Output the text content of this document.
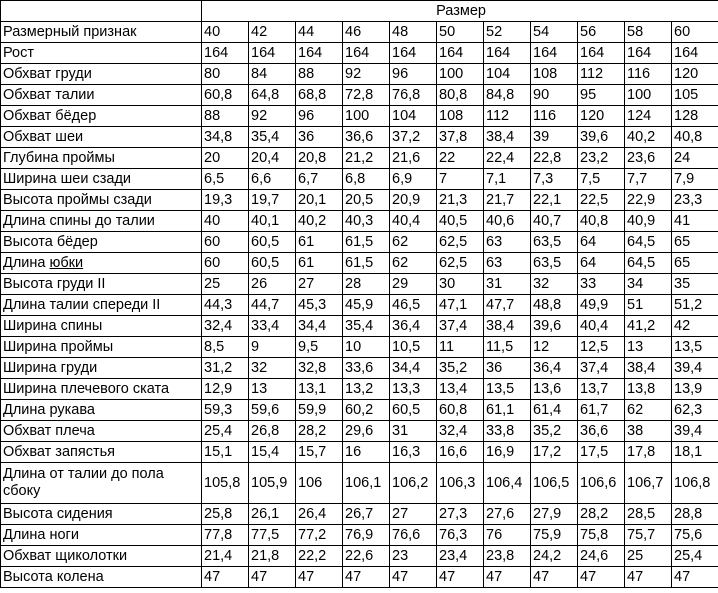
	Размер										
Размерный признак	40	42	44	46	48	50	52	54	56	58	60
Рост	164	164	164	164	164	164	164	164	164	164	164
Обхват груди	80	84	88	92	96	100	104	108	112	116	120
Обхват талии	60,8	64,8	68,8	72,8	76,8	80,8	84,8	90	95	100	105
Обхват бёдер	88	92	96	100	104	108	112	116	120	124	128
Обхват шеи	34,8	35,4	36	36,6	37,2	37,8	38,4	39	39,6	40,2	40,8
Глубина проймы	20	20,4	20,8	21,2	21,6	22	22,4	22,8	23,2	23,6	24
Ширина шеи сзади	6,5	6,6	6,7	6,8	6,9	7	7,1	7,3	7,5	7,7	7,9
Высота проймы сзади	19,3	19,7	20,1	20,5	20,9	21,3	21,7	22,1	22,5	22,9	23,3
Длина спины до талии	40	40,1	40,2	40,3	40,4	40,5	40,6	40,7	40,8	40,9	41
Высота бёдер	60	60,5	61	61,5	62	62,5	63	63,5	64	64,5	65
Длина юбки	60	60,5	61	61,5	62	62,5	63	63,5	64	64,5	65
Высота груди II	25	26	27	28	29	30	31	32	33	34	35
Длина талии спереди II	44,3	44,7	45,3	45,9	46,5	47,1	47,7	48,8	49,9	51	51,2
Ширина спины	32,4	33,4	34,4	35,4	36,4	37,4	38,4	39,6	40,4	41,2	42
Ширина проймы	8,5	9	9,5	10	10,5	11	11,5	12	12,5	13	13,5
Ширина груди	31,2	32	32,8	33,6	34,4	35,2	36	36,4	37,4	38,4	39,4
Ширина плечевого ската	12,9	13	13,1	13,2	13,3	13,4	13,5	13,6	13,7	13,8	13,9
Длина рукава	59,3	59,6	59,9	60,2	60,5	60,8	61,1	61,4	61,7	62	62,3
Обхват плеча	25,4	26,8	28,2	29,6	31	32,4	33,8	35,2	36,6	38	39,4
Обхват запястья	15,1	15,4	15,7	16	16,3	16,6	16,9	17,2	17,5	17,8	18,1
Длина от талии до пола сбоку	105,8	105,9	106	106,1	106,2	106,3	106,4	106,5	106,6	106,7	106,8
Высота сидения	25,8	26,1	26,4	26,7	27	27,3	27,6	27,9	28,2	28,5	28,8
Длина ноги	77,8	77,5	77,2	76,9	76,6	76,3	76	75,9	75,8	75,7	75,6
Обхват щиколотки	21,4	21,8	22,2	22,6	23	23,4	23,8	24,2	24,6	25	25,4
Высота колена	47	47	47	47	47	47	47	47	47	47	47
